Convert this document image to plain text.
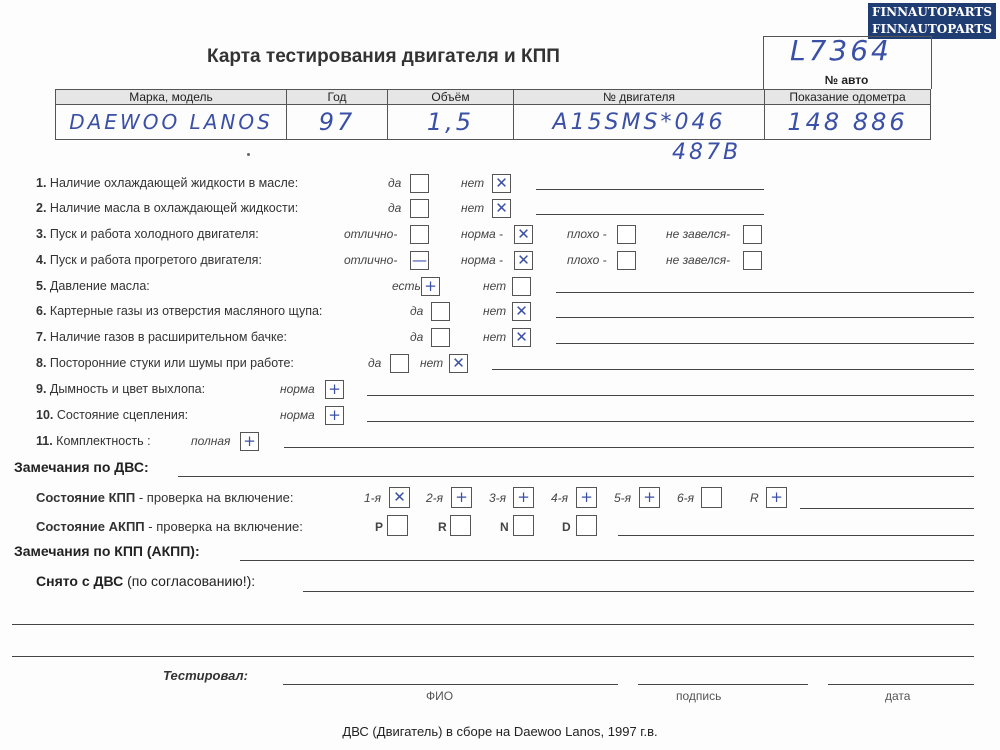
FINNAUTOPARTS
FINNAUTOPARTS
Карта тестирования двигателя и КПП	L7364
№ авто
Марка, модель	Год	Объём	№ двигателя	Показание одометра
DAEWOO LANOS	97	1,5	A15SMS*046	148 886
487B
1. Наличие охлаждающей жидкости в масле:	да	нет ✕
2. Наличие масла в охлаждающей жидкости:	да	нет ✕
3. Пуск и работа холодного двигателя:	отлично-	норма - ✕	плохо -	не завелся-
4. Пуск и работа прогретого двигателя:	отлично- —	норма - ✕	плохо -	не завелся-
5. Давление масла:	есть +	нет
6. Картерные газы из отверстия масляного щупа:	да	нет ✕
7. Наличие газов в расширительном бачке:	да	нет ✕
8. Посторонние стуки или шумы при работе:	да	нет ✕
9. Дымность и цвет выхлопа:	норма +
10. Состояние сцепления:	норма +
11. Комплектность :	полная +
Замечания по ДВС:
Состояние КПП - проверка на включение:	1-я ✕	2-я +	3-я +	4-я +	5-я +	6-я	R +
Состояние АКПП - проверка на включение:	P	R	N	D
Замечания по КПП (АКПП):
Снято с ДВС (по согласованию!):
Тестировал:
ФИО	подпись	дата
ДВС (Двигатель) в сборе на Daewoo Lanos, 1997 г.в.
